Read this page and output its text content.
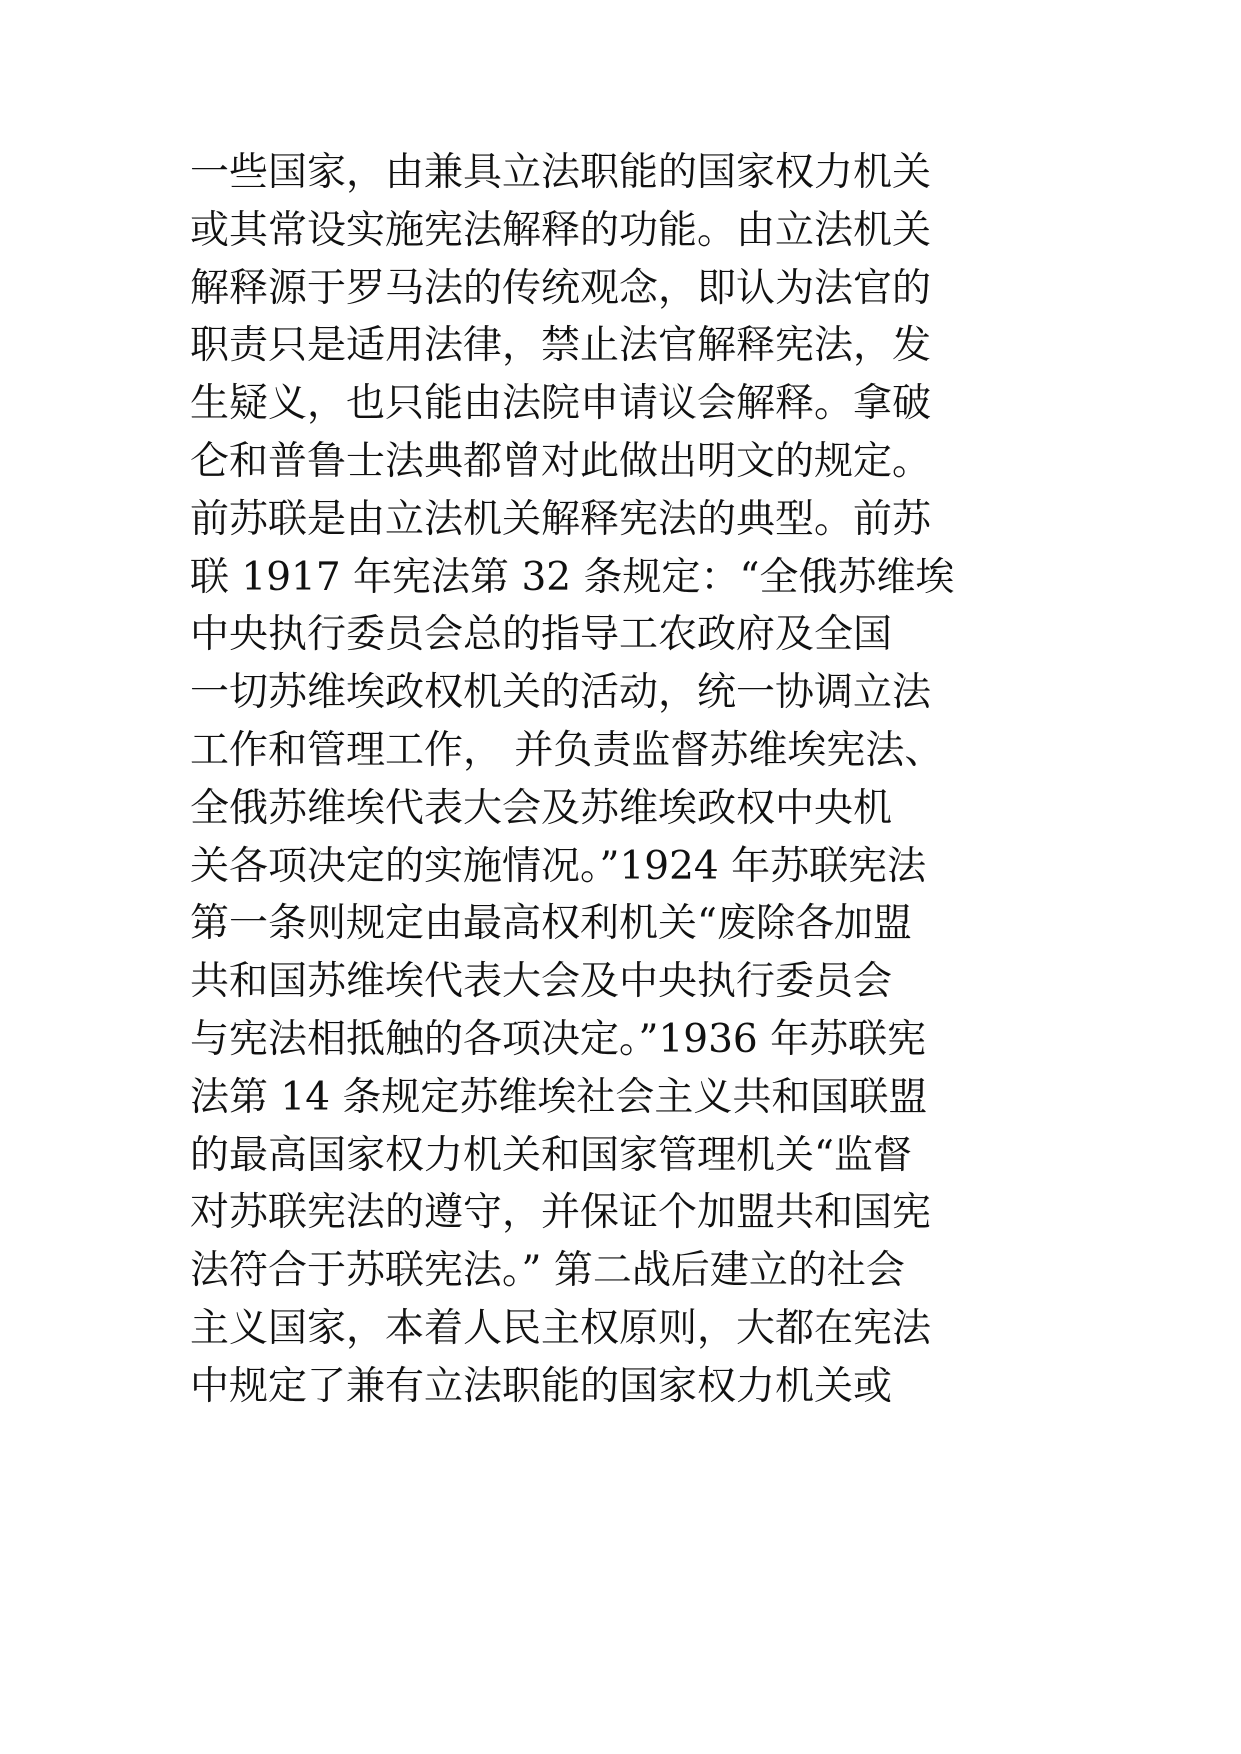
一些国家，由兼具立法职能的国家权力机关
或其常设实施宪法解释的功能。由立法机关
解释源于罗马法的传统观念，即认为法官的
职责只是适用法律，禁止法官解释宪法，发
生疑义，也只能由法院申请议会解释。拿破
仑和普鲁士法典都曾对此做出明文的规定。
前苏联是由立法机关解释宪法的典型。前苏
联 1917 年宪法第 32 条规定：“全俄苏维埃
中央执行委员会总的指导工农政府及全国
一切苏维埃政权机关的活动，统一协调立法
工作和管理工作， 并负责监督苏维埃宪法、
全俄苏维埃代表大会及苏维埃政权中央机
关各项决定的实施情况。”1924 年苏联宪法
第一条则规定由最高权利机关“废除各加盟
共和国苏维埃代表大会及中央执行委员会
与宪法相抵触的各项决定。”1936 年苏联宪
法第 14 条规定苏维埃社会主义共和国联盟
的最高国家权力机关和国家管理机关“监督
对苏联宪法的遵守，并保证个加盟共和国宪
法符合于苏联宪法。” 第二战后建立的社会
主义国家，本着人民主权原则，大都在宪法
中规定了兼有立法职能的国家权力机关或
